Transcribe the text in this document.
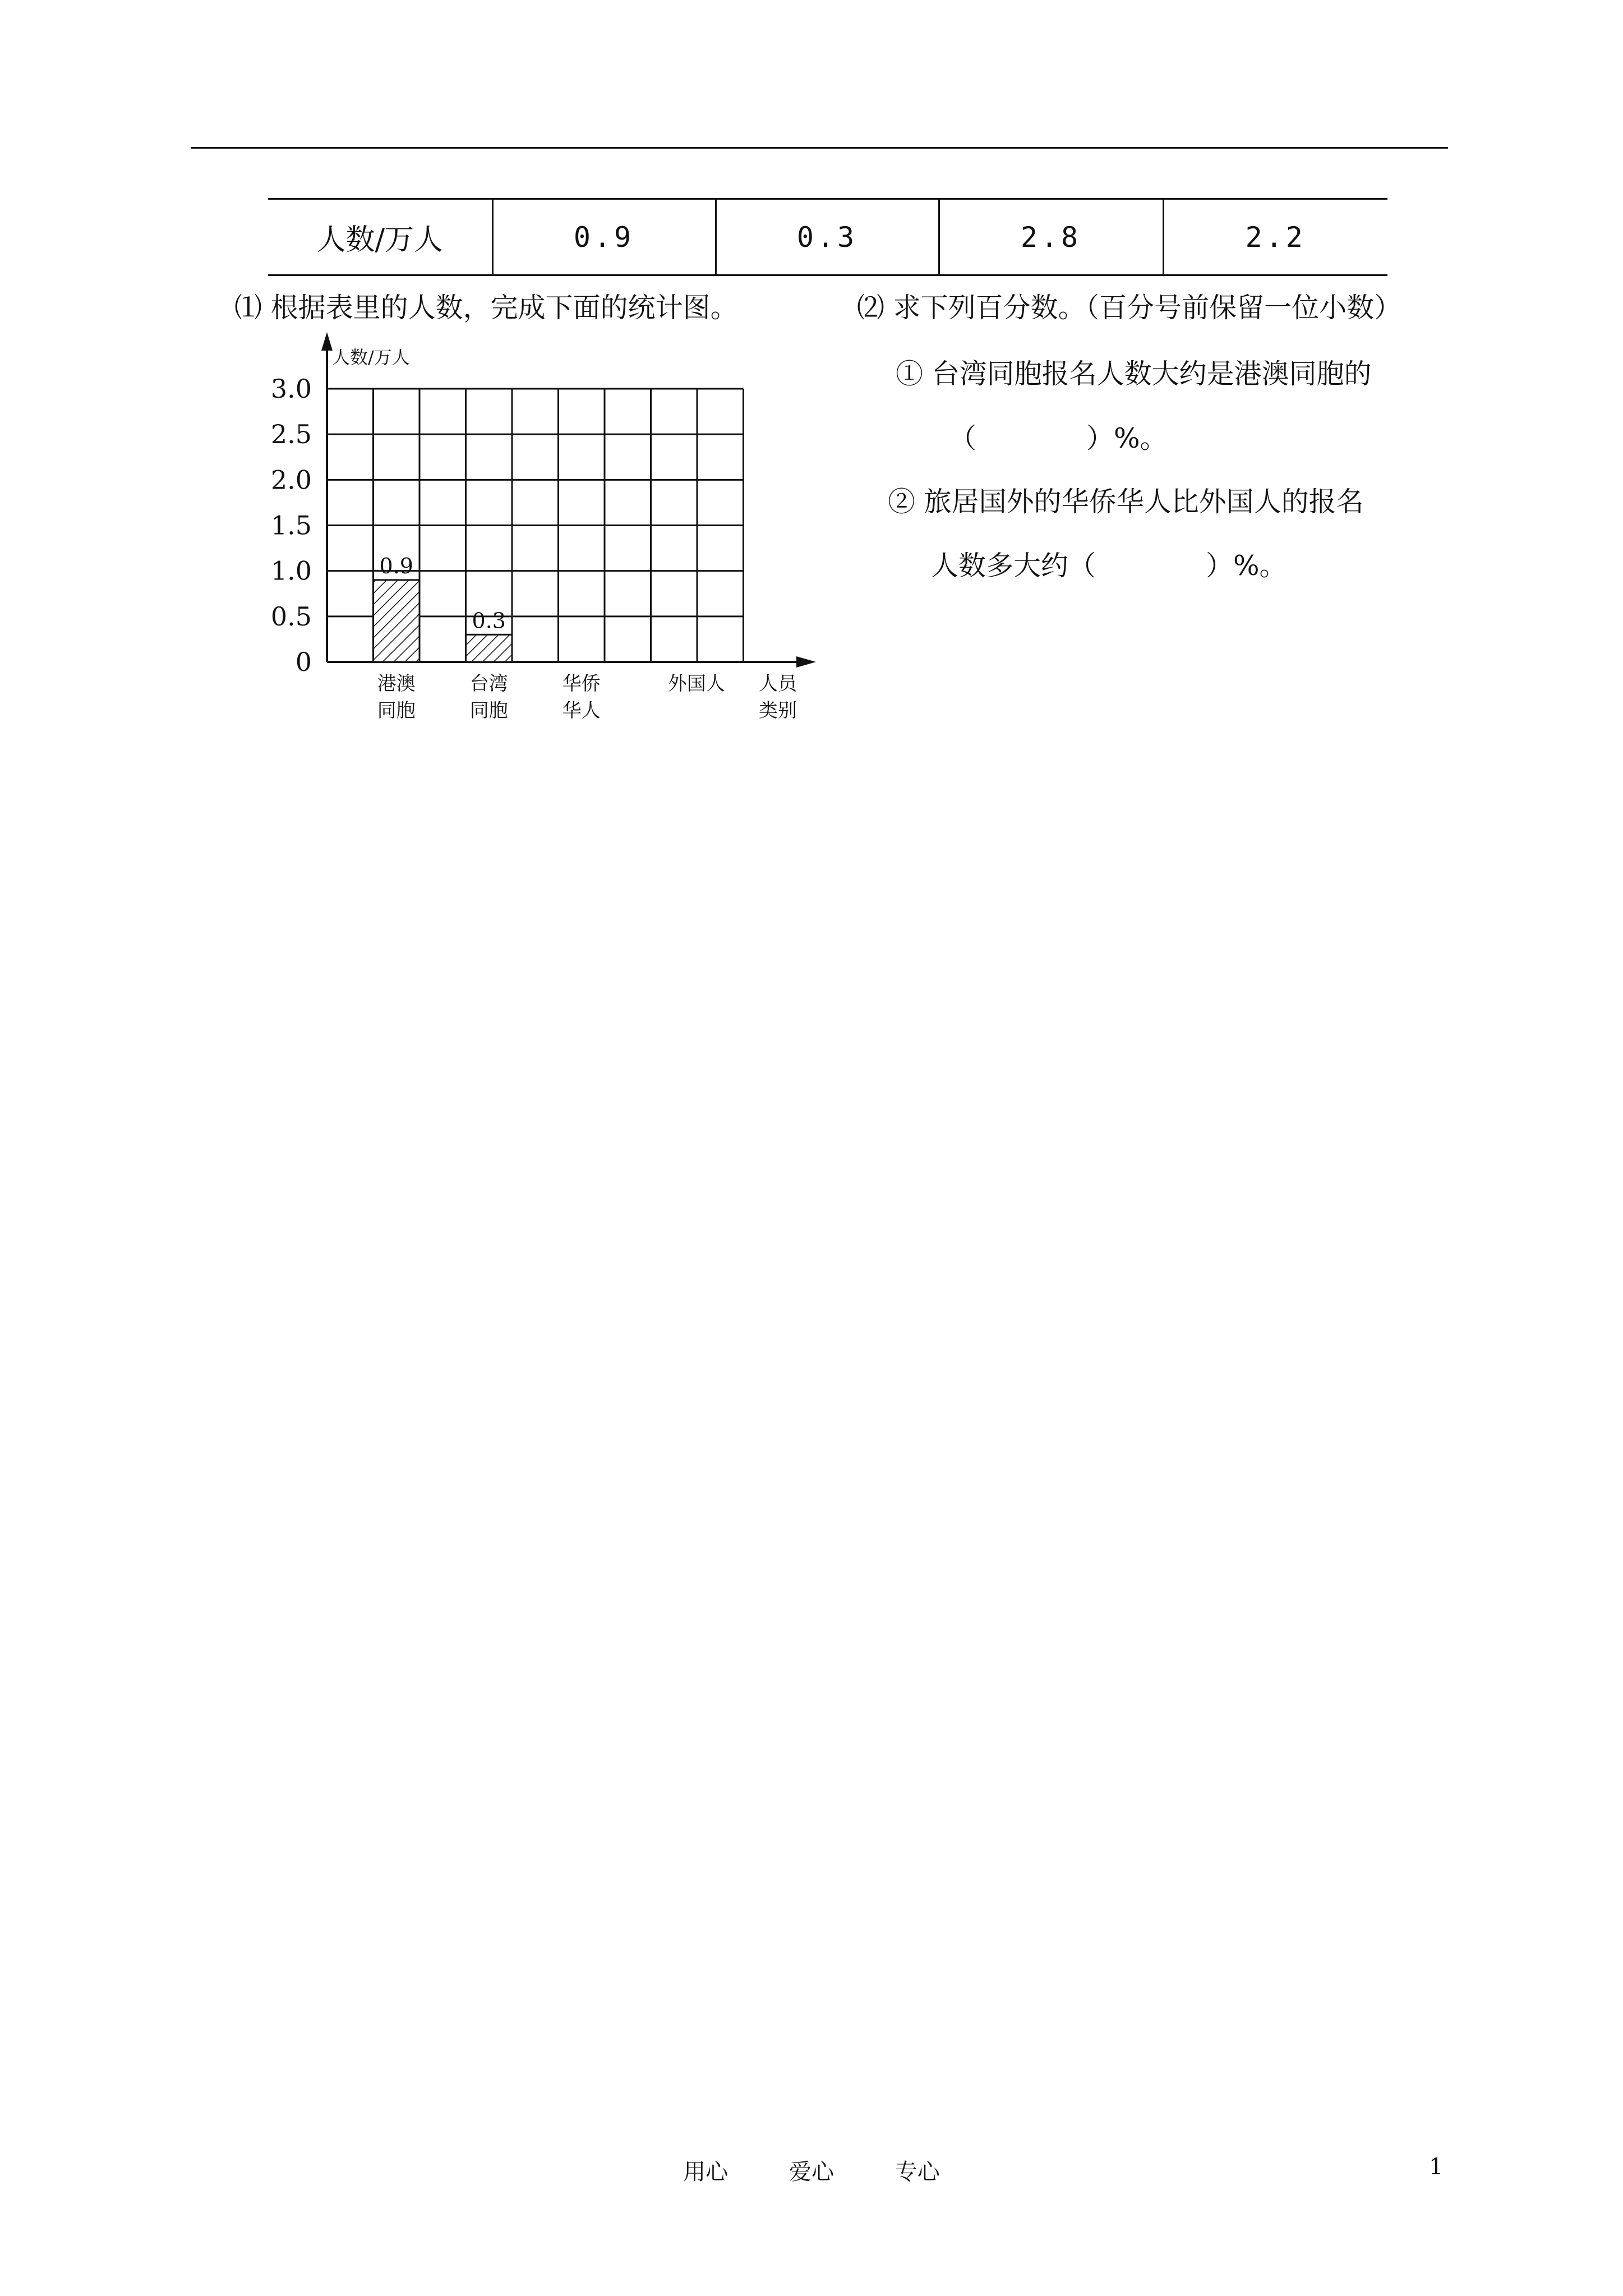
人数/万人	0.9	0.3	2.8	2.2
⑴ 根据表里的人数，完成下面的统计图。	⑵ 求下列百分数。（百分号前保留一位小数）
① 台湾同胞报名人数大约是港澳同胞的
（　　　　）%。
② 旅居国外的华侨华人比外国人的报名
人数多大约（　　　　）%。
0
0.5
1.0
1.5
2.0
2.5
3.0
人数/万人
人员
类别
港澳
同胞
台湾
同胞
华侨
华人
外国人
0.9
0.3
用心	爱心	专心	1
